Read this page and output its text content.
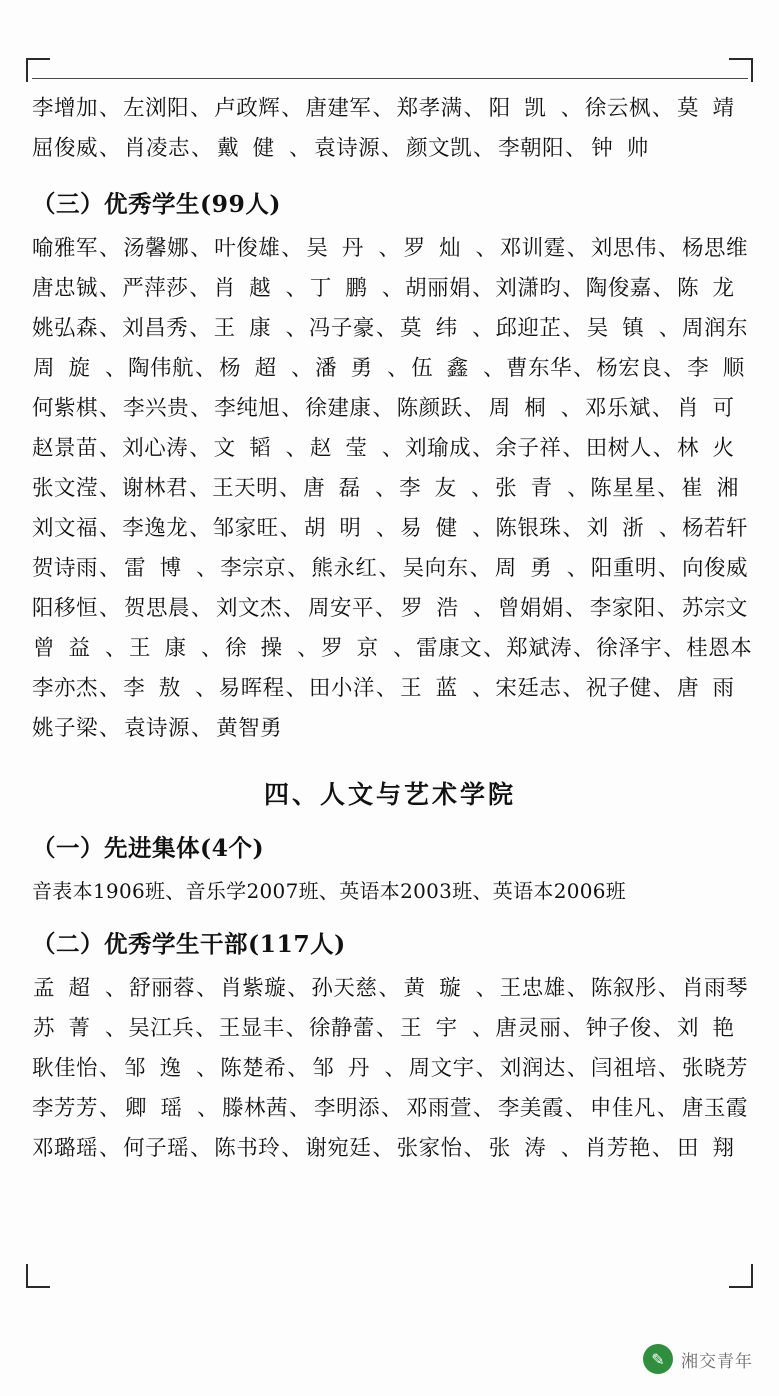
李增加 、 左浏阳 、 卢政辉 、 唐建军 、 郑孝满 、 阳凯 、 徐云枫 、 莫靖
屈俊威 、 肖凌志 、 戴健 、 袁诗源 、 颜文凯 、 李朝阳 、 钟帅
（三）优秀学生(99人)
喻雅军 、 汤馨娜 、 叶俊雄 、 吴丹 、 罗灿 、 邓训霆 、 刘思伟 、 杨思维
唐忠铖 、 严萍莎 、 肖越 、 丁鹏 、 胡丽娟 、 刘潇昀 、 陶俊嘉 、 陈龙
姚弘森 、 刘昌秀 、 王康 、 冯子豪 、 莫纬 、 邱迎芷 、 吴镇 、 周润东
周旋 、 陶伟航 、 杨超 、 潘勇 、 伍鑫 、 曹东华 、 杨宏良 、 李顺
何紫棋 、 李兴贵 、 李纯旭 、 徐建康 、 陈颜跃 、 周桐 、 邓乐斌 、 肖可
赵景苗 、 刘心涛 、 文韬 、 赵莹 、 刘瑜成 、 余子祥 、 田树人 、 林火
张文滢 、 谢林君 、 王天明 、 唐磊 、 李友 、 张青 、 陈星星 、 崔湘
刘文福 、 李逸龙 、 邹家旺 、 胡明 、 易健 、 陈银珠 、 刘浙 、 杨若轩
贺诗雨 、 雷博 、 李宗京 、 熊永红 、 吴向东 、 周勇 、 阳重明 、 向俊威
阳移恒 、 贺思晨 、 刘文杰 、 周安平 、 罗浩 、 曾娟娟 、 李家阳 、 苏宗文
曾益 、 王康 、 徐操 、 罗京 、 雷康文 、 郑斌涛 、 徐泽宇 、 桂恩本
李亦杰 、 李敖 、 易晖程 、 田小洋 、 王蓝 、 宋廷志 、 祝子健 、 唐雨
姚子梁 、 袁诗源 、 黄智勇
四、人文与艺术学院
（一）先进集体(4个)
音表本1906班、音乐学2007班、英语本2003班、英语本2006班
（二）优秀学生干部(117人)
孟超 、 舒丽蓉 、 肖紫璇 、 孙天慈 、 黄璇 、 王忠雄 、 陈叙彤 、 肖雨琴
苏菁 、 吴江兵 、 王显丰 、 徐静蕾 、 王宇 、 唐灵丽 、 钟子俊 、 刘艳
耿佳怡 、 邹逸 、 陈楚希 、 邹丹 、 周文宇 、 刘润达 、 闫祖培 、 张晓芳
李芳芳 、 卿瑶 、 滕林茜 、 李明添 、 邓雨萱 、 李美霞 、 申佳凡 、 唐玉霞
邓璐瑶 、 何子瑶 、 陈书玲 、 谢宛廷 、 张家怡 、 张涛 、 肖芳艳 、 田翔
✎ 湘交青年
